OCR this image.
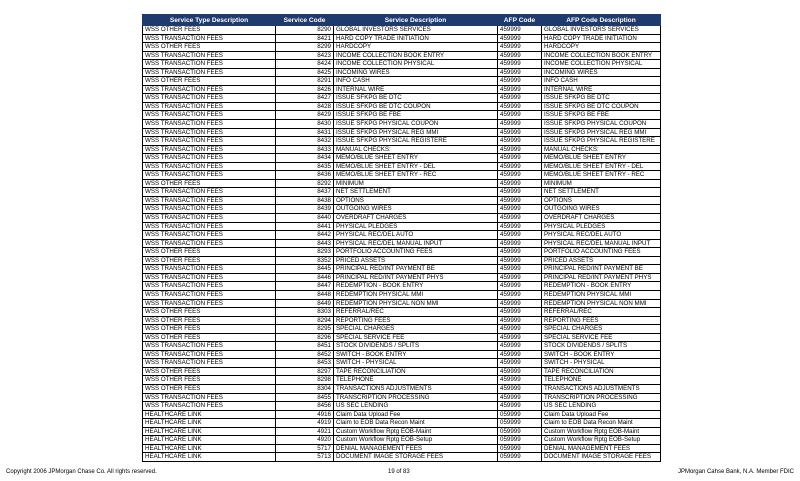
Service Type Description	Service Code	Service Description	AFP Code	AFP Code Description
WSS OTHER FEES	8290	GLOBAL INVESTORS SERVICES	459999	GLOBAL INVESTORS SERVICES
WSS TRANSACTION FEES	8421	HARD COPY TRADE INITIATION	459999	HARD COPY TRADE INITIATION
WSS OTHER FEES	8299	HARDCOPY	459999	HARDCOPY
WSS TRANSACTION FEES	8423	INCOME COLLECTION BOOK ENTRY	459999	INCOME COLLECTION BOOK ENTRY
WSS TRANSACTION FEES	8424	INCOME COLLECTION PHYSICAL	459999	INCOME COLLECTION PHYSICAL
WSS TRANSACTION FEES	8425	INCOMING WIRES	459999	INCOMING WIRES
WSS OTHER FEES	8291	INFO CASH	459999	INFO CASH
WSS TRANSACTION FEES	8426	INTERNAL WIRE	459999	INTERNAL WIRE
WSS TRANSACTION FEES	8427	ISSUE SFKPG BE DTC	459999	ISSUE SFKPG BE DTC
WSS TRANSACTION FEES	8428	ISSUE SFKPG BE DTC COUPON	459999	ISSUE SFKPG BE DTC COUPON
WSS TRANSACTION FEES	8429	ISSUE SFKPG BE FBE	459999	ISSUE SFKPG BE FBE
WSS TRANSACTION FEES	8430	ISSUE SFKPG PHYSICAL COUPON	459999	ISSUE SFKPG PHYSICAL COUPON
WSS TRANSACTION FEES	8431	ISSUE SFKPG PHYSICAL REG MMI	459999	ISSUE SFKPG PHYSICAL REG MMI
WSS TRANSACTION FEES	8432	ISSUE SFKPG PHYSICAL REGISTERE	459999	ISSUE SFKPG PHYSICAL REGISTERE
WSS TRANSACTION FEES	8433	MANUAL CHECKS:	459999	MANUAL CHECKS:
WSS TRANSACTION FEES	8434	MEMO/BLUE SHEET ENTRY	459999	MEMO/BLUE SHEET ENTRY
WSS TRANSACTION FEES	8435	MEMO/BLUE SHEET ENTRY - DEL	459999	MEMO/BLUE SHEET ENTRY - DEL
WSS TRANSACTION FEES	8436	MEMO/BLUE SHEET ENTRY - REC	459999	MEMO/BLUE SHEET ENTRY - REC
WSS OTHER FEES	8292	MINIMUM	459999	MINIMUM
WSS TRANSACTION FEES	8437	NET SETTLEMENT	459999	NET SETTLEMENT
WSS TRANSACTION FEES	8438	OPTIONS	459999	OPTIONS
WSS TRANSACTION FEES	8439	OUTGOING WIRES	459999	OUTGOING WIRES
WSS TRANSACTION FEES	8440	OVERDRAFT CHARGES	459999	OVERDRAFT CHARGES
WSS TRANSACTION FEES	8441	PHYSICAL PLEDGES	459999	PHYSICAL PLEDGES
WSS TRANSACTION FEES	8442	PHYSICAL REC/DEL AUTO	459999	PHYSICAL REC/DEL AUTO
WSS TRANSACTION FEES	8443	PHYSICAL REC/DEL MANUAL INPUT	459999	PHYSICAL REC/DEL MANUAL INPUT
WSS OTHER FEES	8293	PORTFOLIO ACCOUNTING FEES	459999	PORTFOLIO ACCOUNTING FEES
WSS OTHER FEES	8352	PRICED ASSETS	459999	PRICED ASSETS
WSS TRANSACTION FEES	8445	PRINCIPAL RED/INT PAYMENT BE	459999	PRINCIPAL RED/INT PAYMENT BE
WSS TRANSACTION FEES	8446	PRINCIPAL RED/INT PAYMENT PHYS	459999	PRINCIPAL RED/INT PAYMENT PHYS
WSS TRANSACTION FEES	8447	REDEMPTION - BOOK ENTRY	459999	REDEMPTION - BOOK ENTRY
WSS TRANSACTION FEES	8448	REDEMPTION PHYSICAL MMI	459999	REDEMPTION PHYSICAL MMI
WSS TRANSACTION FEES	8449	REDEMPTION PHYSICAL NON MMI	459999	REDEMPTION PHYSICAL NON MMI
WSS OTHER FEES	8303	REFERRAL/REC	459999	REFERRAL/REC
WSS OTHER FEES	8294	REPORTING FEES	459999	REPORTING FEES
WSS OTHER FEES	8295	SPECIAL CHARGES	459999	SPECIAL CHARGES
WSS OTHER FEES	8296	SPECIAL SERVICE FEE	459999	SPECIAL SERVICE FEE
WSS TRANSACTION FEES	8451	STOCK DIVIDENDS / SPLITS	459999	STOCK DIVIDENDS / SPLITS
WSS TRANSACTION FEES	8452	SWITCH - BOOK ENTRY	459999	SWITCH - BOOK ENTRY
WSS TRANSACTION FEES	8453	SWITCH - PHYSICAL	459999	SWITCH - PHYSICAL
WSS OTHER FEES	8297	TAPE RECONCILIATION	459999	TAPE RECONCILIATION
WSS OTHER FEES	8298	TELEPHONE	459999	TELEPHONE
WSS OTHER FEES	8304	TRANSACTIONS ADJUSTMENTS	459999	TRANSACTIONS ADJUSTMENTS
WSS TRANSACTION FEES	8455	TRANSCRIPTION PROCESSING	459999	TRANSCRIPTION PROCESSING
WSS TRANSACTION FEES	8456	US SEC LENDING	459999	US SEC LENDING
HEALTHCARE LINK	4916	Claim Data Upload Fee	059999	Claim Data Upload Fee
HEALTHCARE LINK	4919	Claim to EOB Data Recon Maint	059999	Claim to EOB Data Recon Maint
HEALTHCARE LINK	4921	Custom Workflow Rptg EOB-Maint	059999	Custom Workflow Rptg EOB-Maint
HEALTHCARE LINK	4920	Custom Workflow Rptg EOB-Setup	059999	Custom Workflow Rptg EOB-Setup
HEALTHCARE LINK	5717	DENIAL MANAGEMENT FEES	059999	DENIAL MANAGEMENT FEES
HEALTHCARE LINK	5713	DOCUMENT IMAGE STORAGE FEES	059999	DOCUMENT IMAGE STORAGE FEES
Copyright 2006 JPMorgan Chase Co. All rights reserved.	19 of 83	JPMorgan Cahse Bank, N.A. Member FDIC
